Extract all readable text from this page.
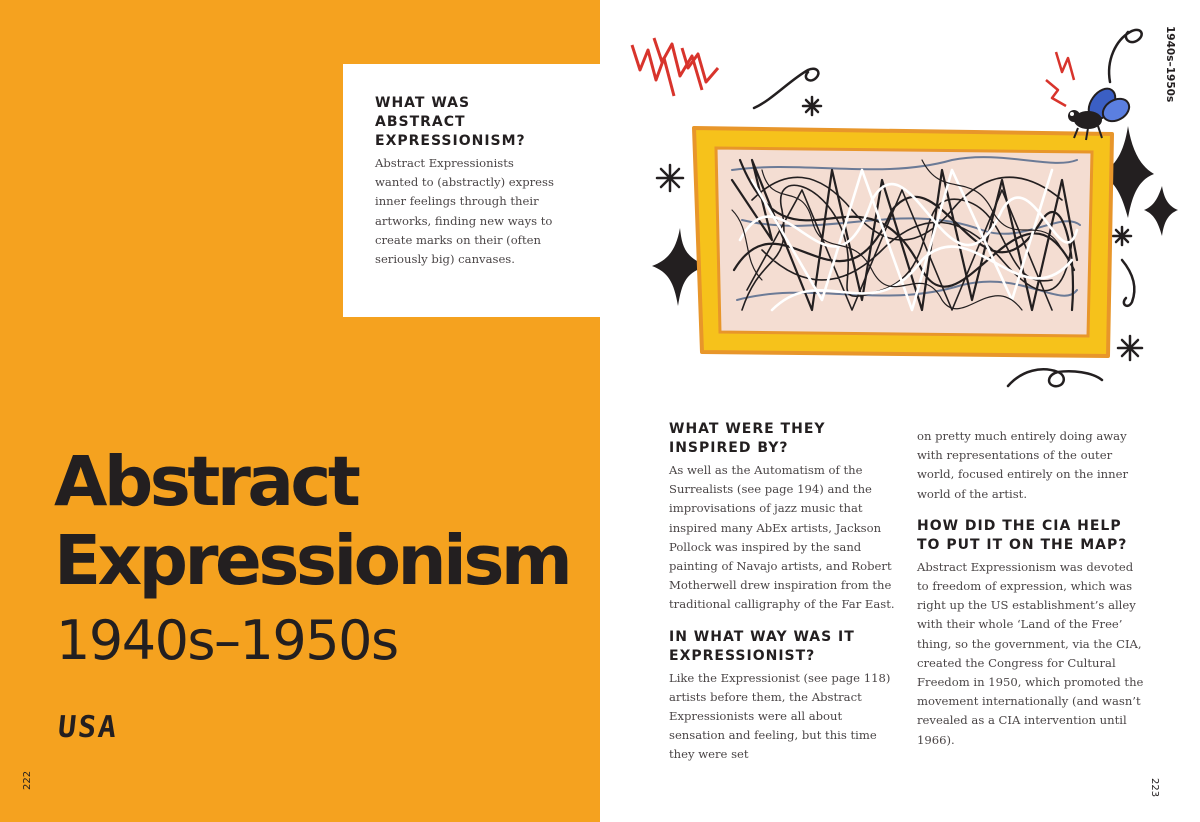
WHAT WAS ABSTRACT EXPRESSIONISM?
Abstract Expressionists wanted to (abstractly) express inner feelings through their artworks, finding new ways to create marks on their (often seriously big) canvases.
Abstract
Expressionism
1940s–1950s
USA
222
1940s–1950s
WHAT WERE THEY INSPIRED BY?
As well as the Automatism of the Surrealists (see page 194) and the improvisations of jazz music that inspired many AbEx artists, Jackson Pollock was inspired by the sand painting of Navajo artists, and Robert Motherwell drew inspiration from the traditional calligraphy of the Far East.
IN WHAT WAY WAS IT EXPRESSIONIST?
Like the Expressionist (see page 118) artists before them, the Abstract Expressionists were all about sensation and feeling, but this time they were set
on pretty much entirely doing away with representations of the outer world, focused entirely on the inner world of the artist.
HOW DID THE CIA HELP TO PUT IT ON THE MAP?
Abstract Expressionism was devoted to freedom of expression, which was right up the US establishment’s alley with their whole ‘Land of the Free’ thing, so the government, via the CIA, created the Congress for Cultural Freedom in 1950, which promoted the movement internationally (and wasn’t revealed as a CIA intervention until 1966).
223
